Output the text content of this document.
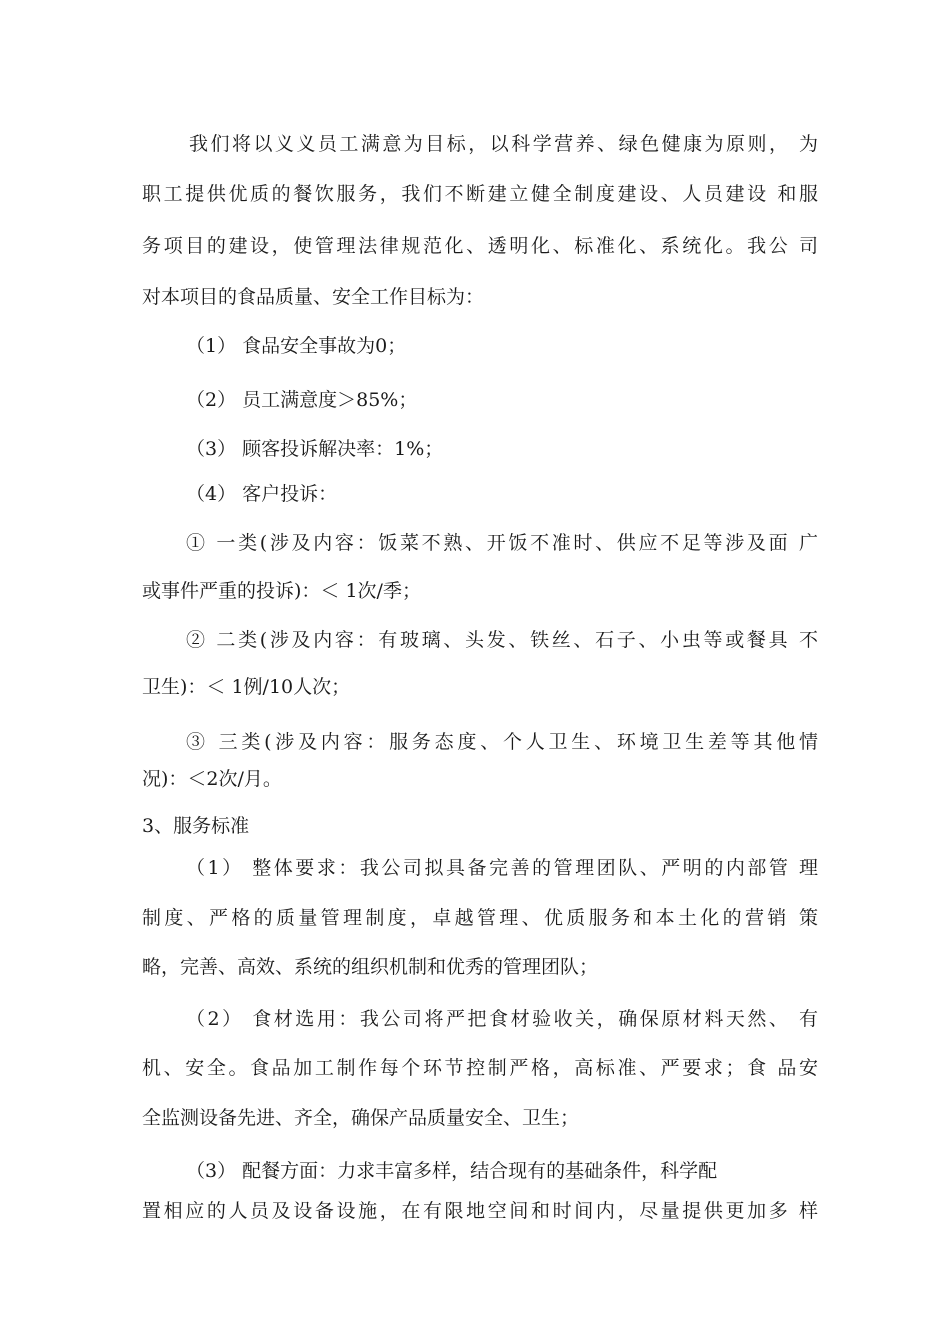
我们将以义义员工满意为目标，以科学营养、绿色健康为原则， 为
职工提供优质的餐饮服务，我们不断建立健全制度建设、人员建设 和服
务项目的建设，使管理法律规范化、透明化、标准化、系统化。我公 司
对本项目的食品质量、安全工作目标为：
（1） 食品安全事故为0；
（2） 员工满意度＞85%；
（3） 顾客投诉解决率：1%；
（4） 客户投诉：
① 一类(涉及内容：饭菜不熟、开饭不准时、供应不足等涉及面 广
或事件严重的投诉)：＜ 1次/季；
② 二类(涉及内容：有玻璃、头发、铁丝、石子、小虫等或餐具 不
卫生)：＜ 1例/10人次；
③ 三类(涉及内容：服务态度、个人卫生、环境卫生差等其他情
况)：＜2次/月。
3、服务标准
（1） 整体要求：我公司拟具备完善的管理团队、严明的内部管 理
制度、严格的质量管理制度，卓越管理、优质服务和本土化的营销 策
略，完善、高效、系统的组织机制和优秀的管理团队；
（2） 食材选用：我公司将严把食材验收关，确保原材料天然、 有
机、安全。食品加工制作每个环节控制严格，高标准、严要求；食 品安
全监测设备先进、齐全，确保产品质量安全、卫生；
（3） 配餐方面：力求丰富多样，结合现有的基础条件，科学配
置相应的人员及设备设施，在有限地空间和时间内，尽量提供更加多 样
